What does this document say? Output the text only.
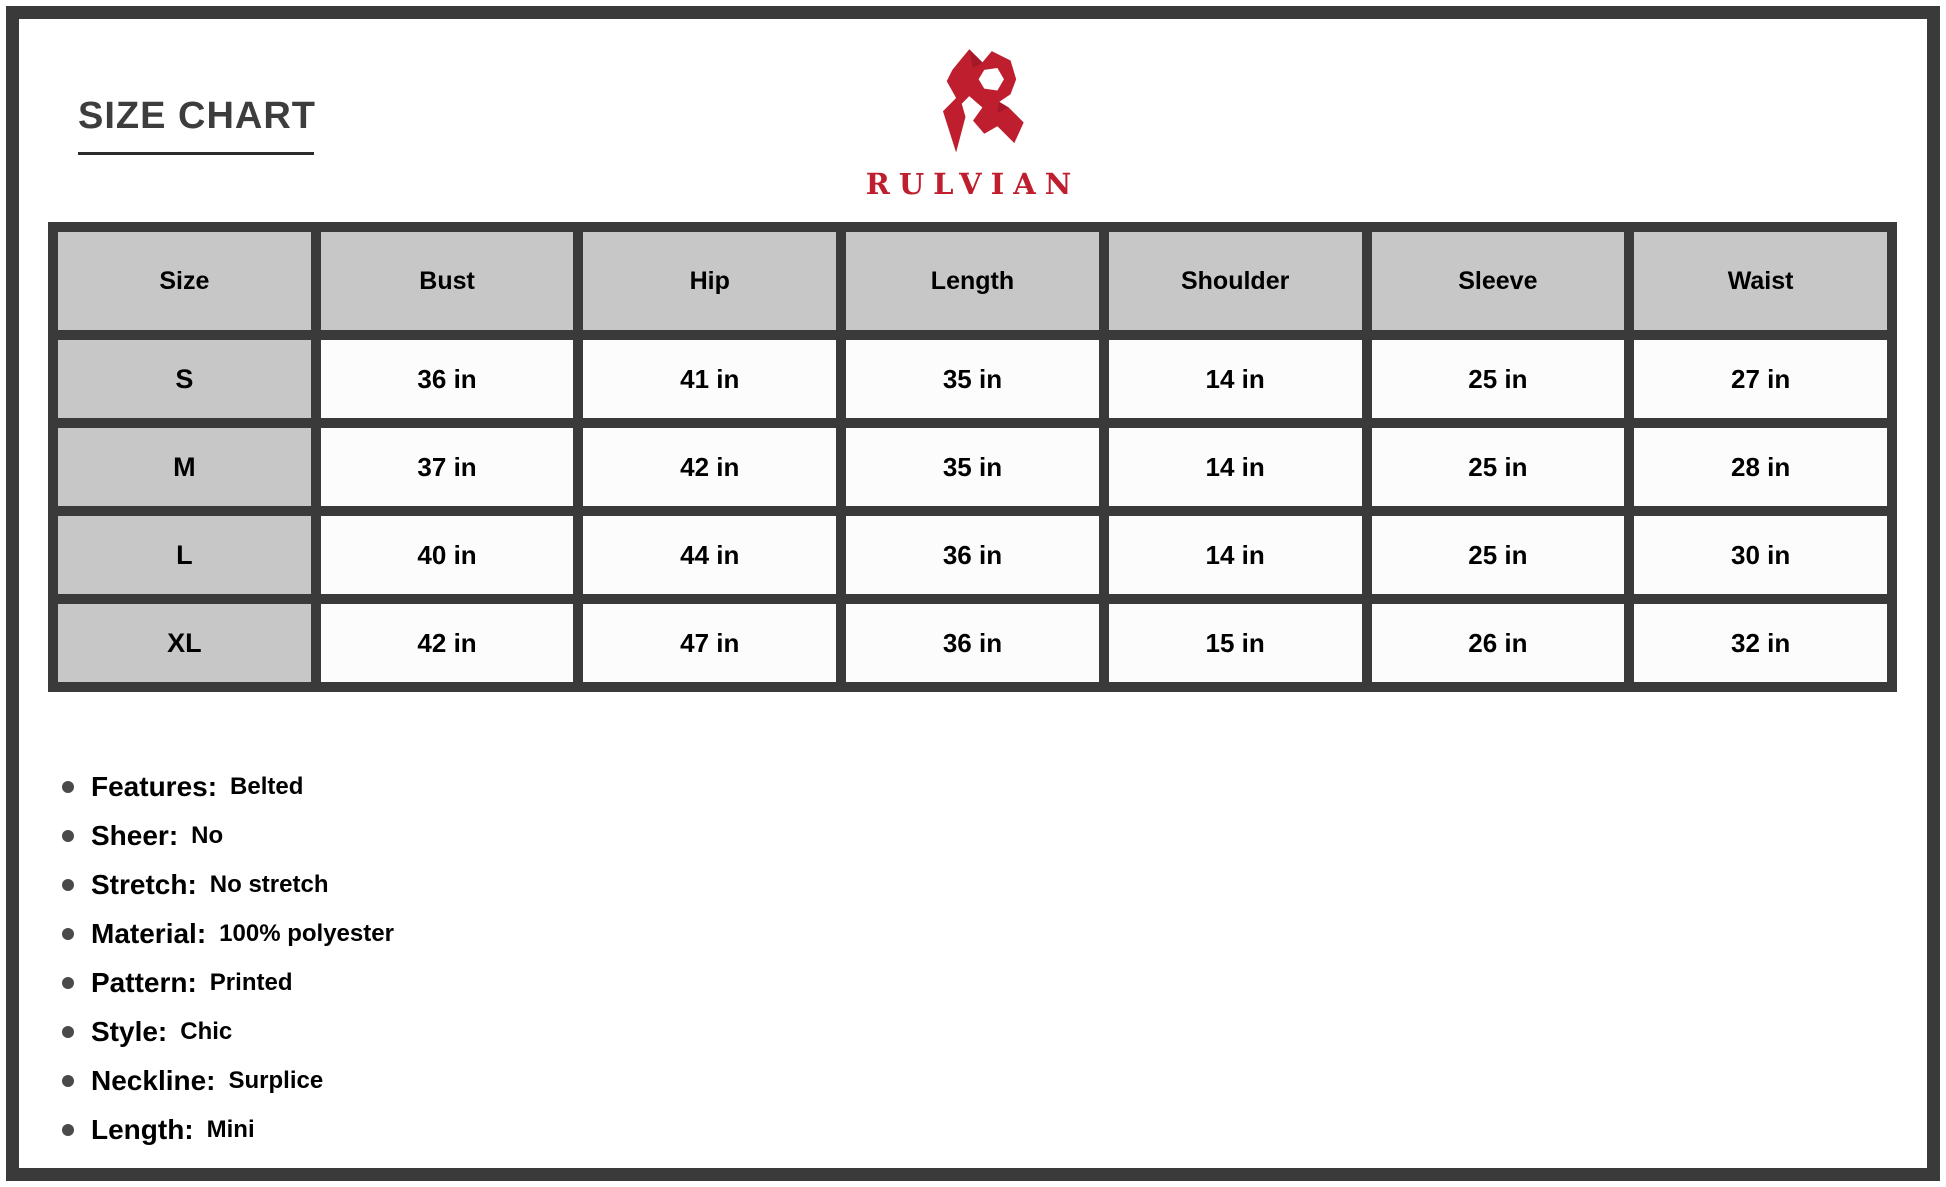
SIZE CHART
RULVIAN
Size	Bust	Hip	Length	Shoulder	Sleeve	Waist
S	36 in	41 in	35 in	14 in	25 in	27 in
M	37 in	42 in	35 in	14 in	25 in	28 in
L	40 in	44 in	36 in	14 in	25 in	30 in
XL	42 in	47 in	36 in	15 in	26 in	32 in
Features: Belted
Sheer: No
Stretch: No stretch
Material: 100% polyester
Pattern: Printed
Style: Chic
Neckline: Surplice
Length: Mini
